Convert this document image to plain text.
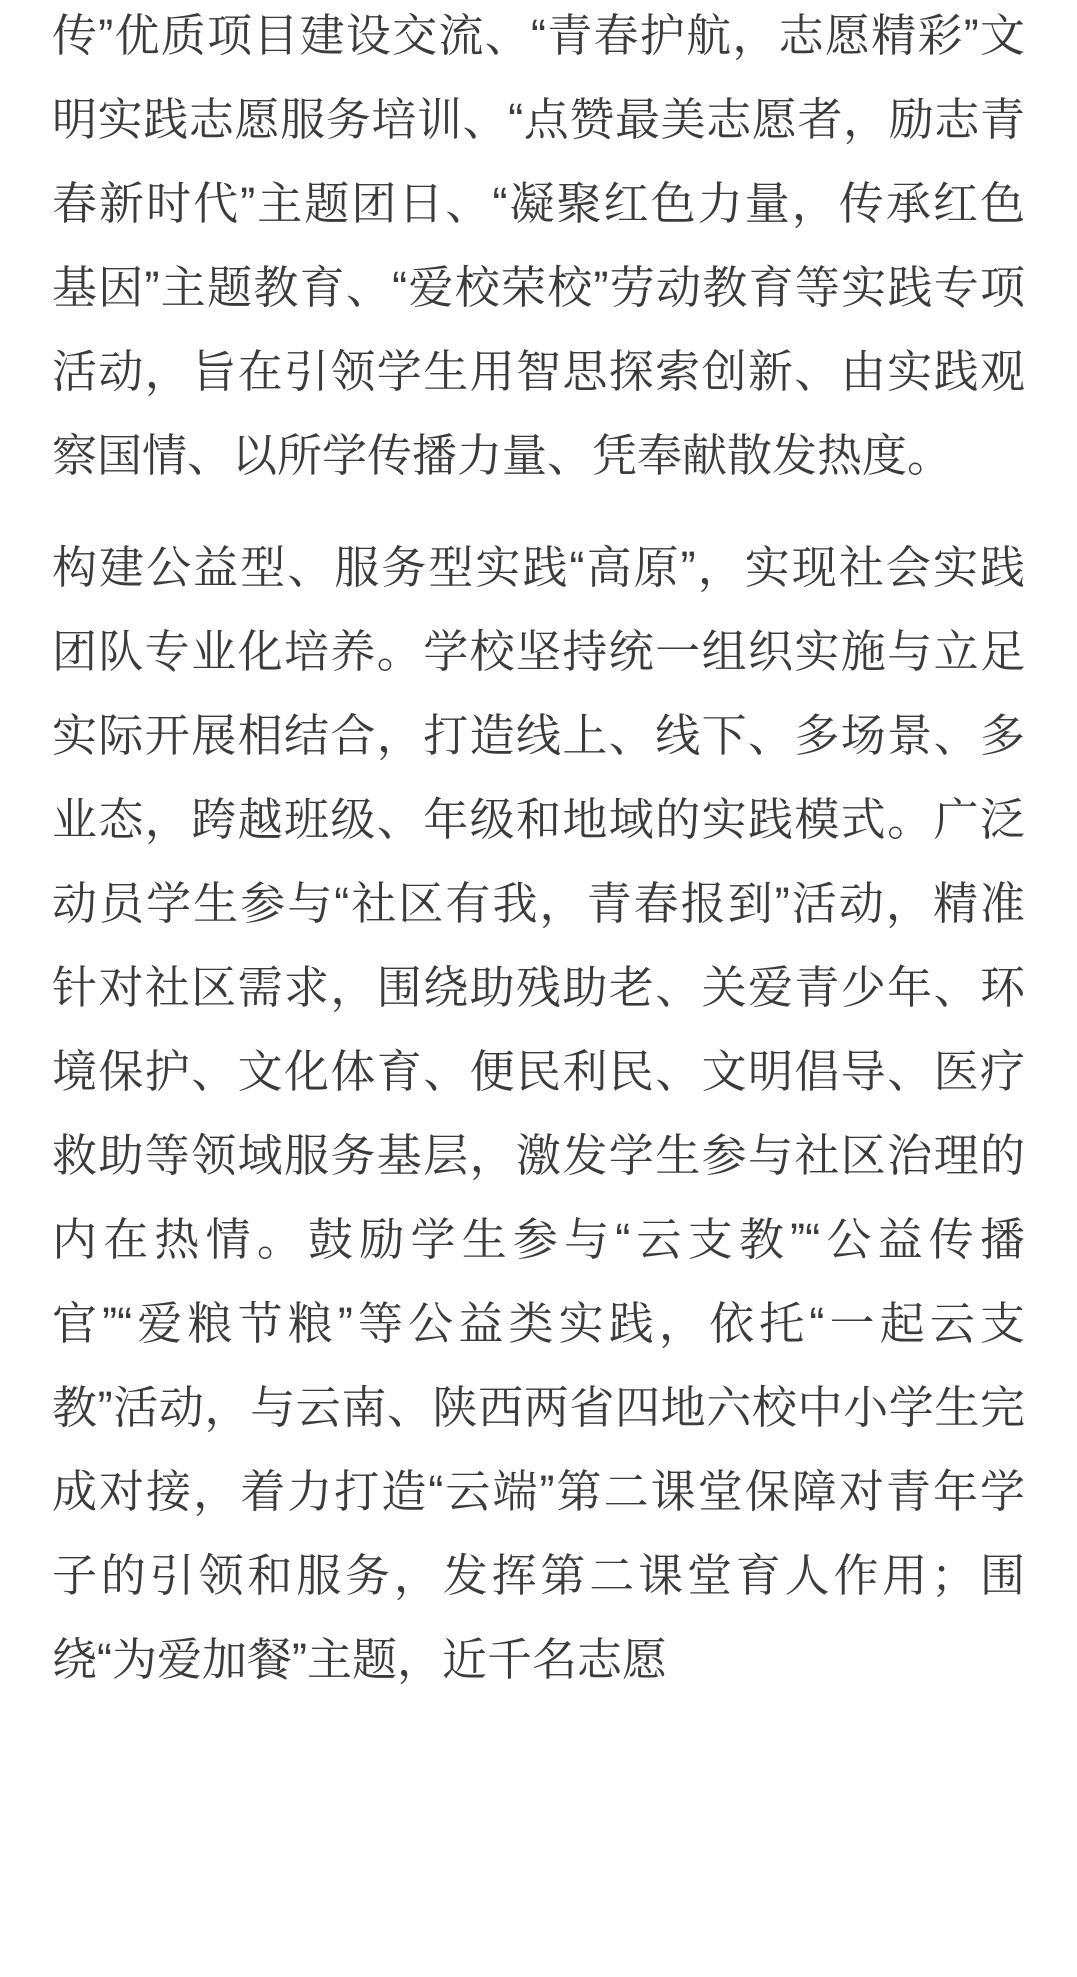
传”优质项目建设交流、“青春护航，志愿精彩”文明实践志愿服务培训、“点赞最美志愿者，励志青春新时代”主题团日、“凝聚红色力量，传承红色基因”主题教育、“爱校荣校”劳动教育等实践专项活动，旨在引领学生用智思探索创新、由实践观察国情、以所学传播力量、凭奉献散发热度。

构建公益型、服务型实践“高原”，实现社会实践团队专业化培养。学校坚持统一组织实施与立足实际开展相结合，打造线上、线下、多场景、多业态，跨越班级、年级和地域的实践模式。广泛动员学生参与“社区有我，青春报到”活动，精准针对社区需求，围绕助残助老、关爱青少年、环境保护、文化体育、便民利民、文明倡导、医疗救助等领域服务基层，激发学生参与社区治理的内在热情。鼓励学生参与“云支教”“公益传播官”“爱粮节粮”等公益类实践，依托“一起云支教”活动，与云南、陕西两省四地六校中小学生完成对接，着力打造“云端”第二课堂保障对青年学子的引领和服务，发挥第二课堂育人作用；围绕“为爱加餐”主题，近千名志愿
